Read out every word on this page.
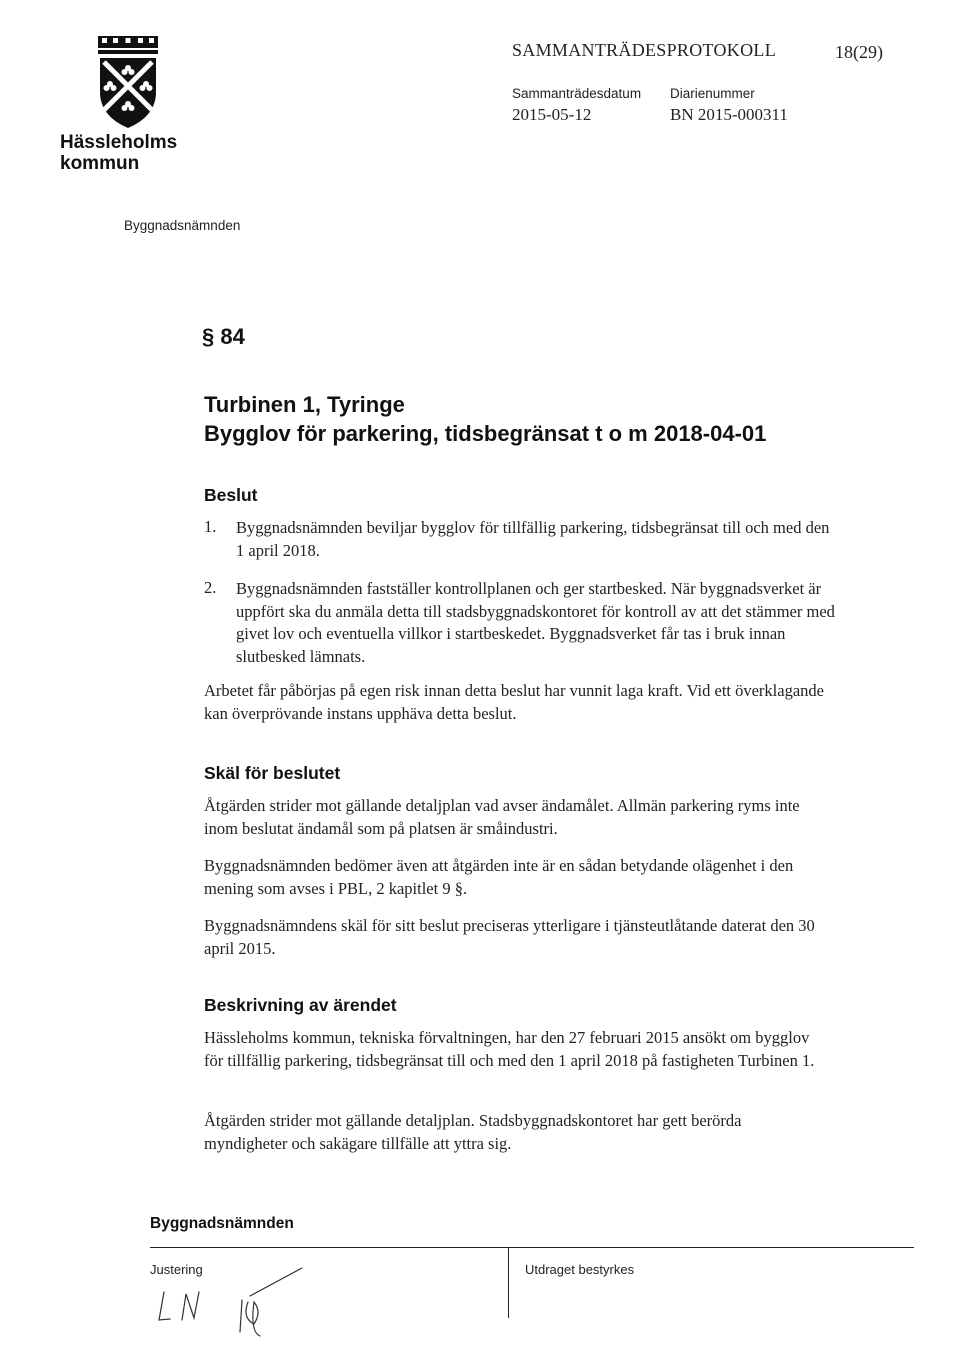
Hässleholms
kommun
SAMMANTRÄDESPROTOKOLL	18(29)
Sammanträdesdatum
2015-05-12
Diarienummer
BN 2015-000311
Byggnadsnämnden
§ 84
Turbinen 1, Tyringe
Bygglov för parkering, tidsbegränsat t o m 2018-04-01
Beslut
1. Byggnadsnämnden beviljar bygglov för tillfällig parkering, tidsbegränsat till och med den 1 april 2018.
2. Byggnadsnämnden fastställer kontrollplanen och ger startbesked. När byggnadsverket är uppfört ska du anmäla detta till stadsbyggnadskontoret för kontroll av att det stämmer med givet lov och eventuella villkor i startbeskedet. Byggnadsverket får tas i bruk innan slutbesked lämnats.
Arbetet får påbörjas på egen risk innan detta beslut har vunnit laga kraft. Vid ett överklagande kan överprövande instans upphäva detta beslut.
Skäl för beslutet
Åtgärden strider mot gällande detaljplan vad avser ändamålet. Allmän parkering ryms inte inom beslutat ändamål som på platsen är småindustri.
Byggnadsnämnden bedömer även att åtgärden inte är en sådan betydande olägenhet i den mening som avses i PBL, 2 kapitlet 9 §.
Byggnadsnämndens skäl för sitt beslut preciseras ytterligare i tjänsteutlåtande daterat den 30 april 2015.
Beskrivning av ärendet
Hässleholms kommun, tekniska förvaltningen, har den 27 februari 2015 ansökt om bygglov för tillfällig parkering, tidsbegränsat till och med den 1 april 2018 på fastigheten Turbinen 1.
Åtgärden strider mot gällande detaljplan. Stadsbyggnadskontoret har gett berörda myndigheter och sakägare tillfälle att yttra sig.
Byggnadsnämnden
Justering	Utdraget bestyrkes
